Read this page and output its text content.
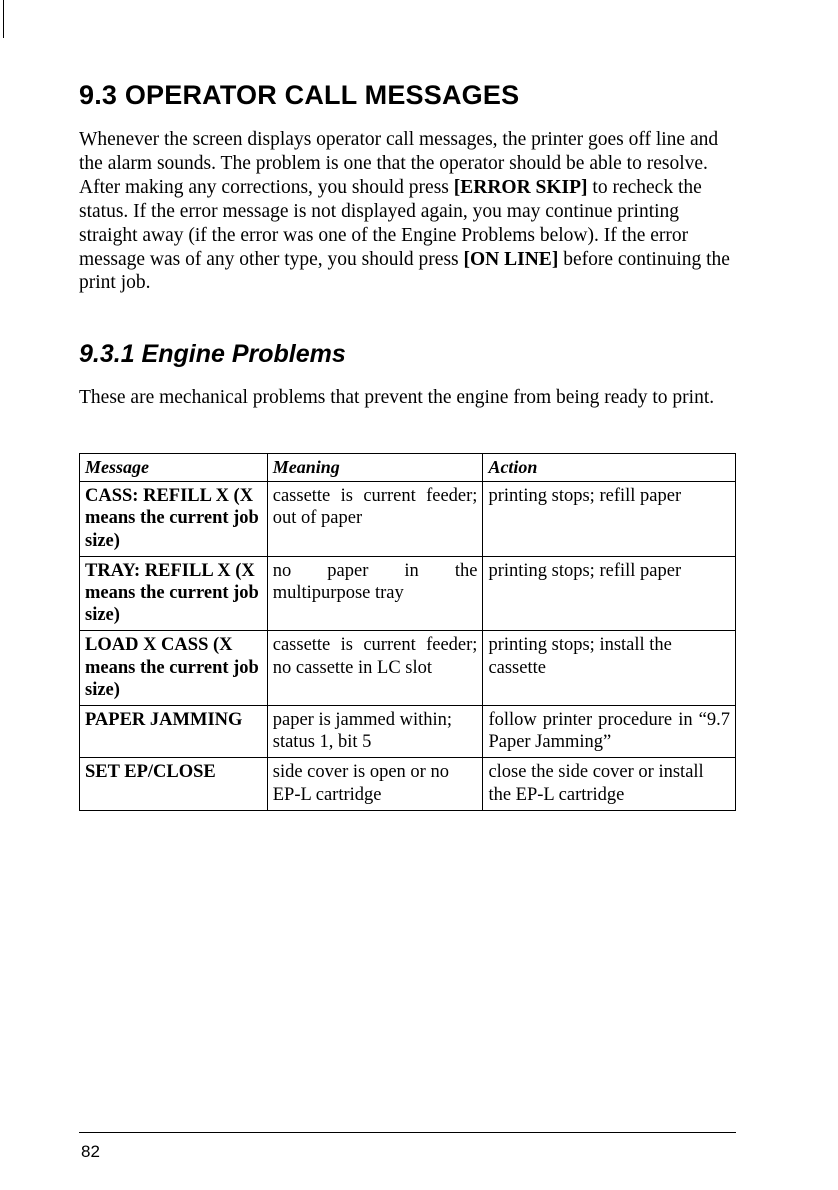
9.3 OPERATOR CALL MESSAGES

Whenever the screen displays operator call messages, the printer goes off line and the alarm sounds. The problem is one that the operator should be able to resolve. After making any corrections, you should press [ERROR SKIP] to recheck the status. If the error message is not displayed again, you may continue printing straight away (if the error was one of the Engine Problems below). If the error message was of any other type, you should press [ON LINE] before continuing the print job.

9.3.1 Engine Problems

These are mechanical problems that prevent the engine from being ready to print.

Message	Meaning	Action
CASS: REFILL X (X means the current job size)	cassette is current feeder; out of paper	printing stops; refill paper
TRAY: REFILL X (X means the current job size)	no paper in the multipurpose tray	printing stops; refill paper
LOAD X CASS (X means the current job size)	cassette is current feeder; no cassette in LC slot	printing stops; install the cassette
PAPER JAMMING	paper is jammed within; status 1, bit 5	follow printer procedure in “9.7 Paper Jamming”
SET EP/CLOSE	side cover is open or no EP-L cartridge	close the side cover or install the EP-L cartridge
82
